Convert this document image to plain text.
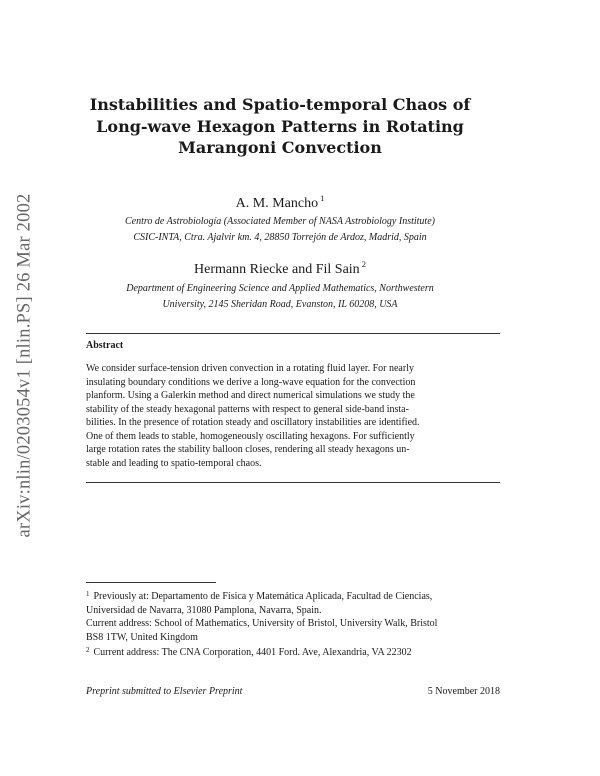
arXiv:nlin/0203054v1 [nlin.PS] 26 Mar 2002
Instabilities and Spatio-temporal Chaos of
Long-wave Hexagon Patterns in Rotating
Marangoni Convection
A. M. Mancho $^1$
Centro de Astrobiología (Associated Member of NASA Astrobiology Institute)
CSIC-INTA, Ctra. Ajalvir km. 4, 28850 Torrejón de Ardoz, Madrid, Spain
Hermann Riecke and Fil Sain $^2$
Department of Engineering Science and Applied Mathematics, Northwestern
University, 2145 Sheridan Road, Evanston, IL 60208, USA
Abstract
We consider surface-tension driven convection in a rotating fluid layer. For nearly
insulating boundary conditions we derive a long-wave equation for the convection
planform. Using a Galerkin method and direct numerical simulations we study the
stability of the steady hexagonal patterns with respect to general side-band insta-
bilities. In the presence of rotation steady and oscillatory instabilities are identified.
One of them leads to stable, homogeneously oscillating hexagons. For sufficiently
large rotation rates the stability balloon closes, rendering all steady hexagons un-
stable and leading to spatio-temporal chaos.
$^1$ Previously at: Departamento de Física y Matemática Aplicada, Facultad de Ciencias,
Universidad de Navarra, 31080 Pamplona, Navarra, Spain.
Current address: School of Mathematics, University of Bristol, University Walk, Bristol
BS8 1TW, United Kingdom
$^2$ Current address: The CNA Corporation, 4401 Ford. Ave, Alexandria, VA 22302
Preprint submitted to Elsevier Preprint	5 November 2018
